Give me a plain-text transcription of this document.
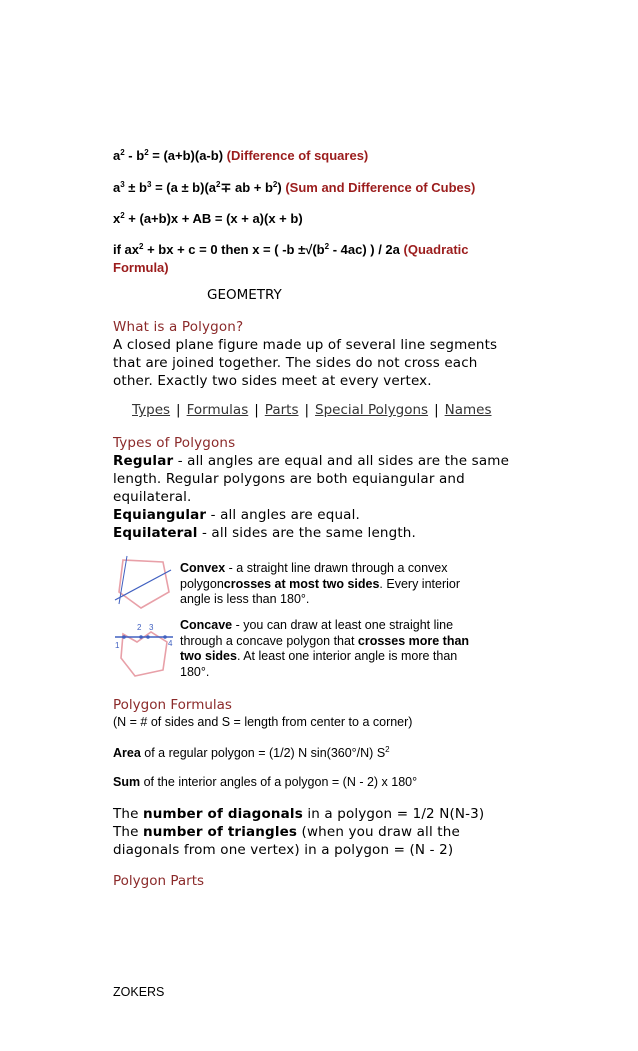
$a^2 - b^2 = (a+b)(a-b)$ (Difference of squares)
$a^3 \pm b^3 = (a \pm b)(a^2\mp$ ab + $b^2$) (Sum and Difference of Cubes)
$x^2 + (a+b)x$ + AB = (x + a)(x + b)
if $ax^2$ + bx + c = 0 then x = ( $-b \pm√(b^2 - 4ac)$ ) / 2a (Quadratic
Formula)
GEOMETRY
What is a Polygon?
A closed plane figure made up of several line segments
that are joined together. The sides do not cross each
other. Exactly two sides meet at every vertex.
Types | Formulas | Parts | Special Polygons | Names
Types of Polygons
Regular - all angles are equal and all sides are the same
length. Regular polygons are both equiangular and
equilateral.
Equiangular - all angles are equal.
Equilateral - all sides are the same length.
Convex - a straight line drawn through a convex
polygoncrosses at most two sides. Every interior
angle is less than 180°.
1
2 3
4
Concave - you can draw at least one straight line
through a concave polygon that crosses more than
two sides. At least one interior angle is more than
180°.
Polygon Formulas
(N = # of sides and S = length from center to a corner)
Area of a regular polygon = (1/2) N sin(360°/N) $S^2$
Sum of the interior angles of a polygon = (N - 2) x 180°
The number of diagonals in a polygon = 1/2 N(N-3)
The number of triangles (when you draw all the
diagonals from one vertex) in a polygon = (N - 2)
Polygon Parts
ZOKERS
